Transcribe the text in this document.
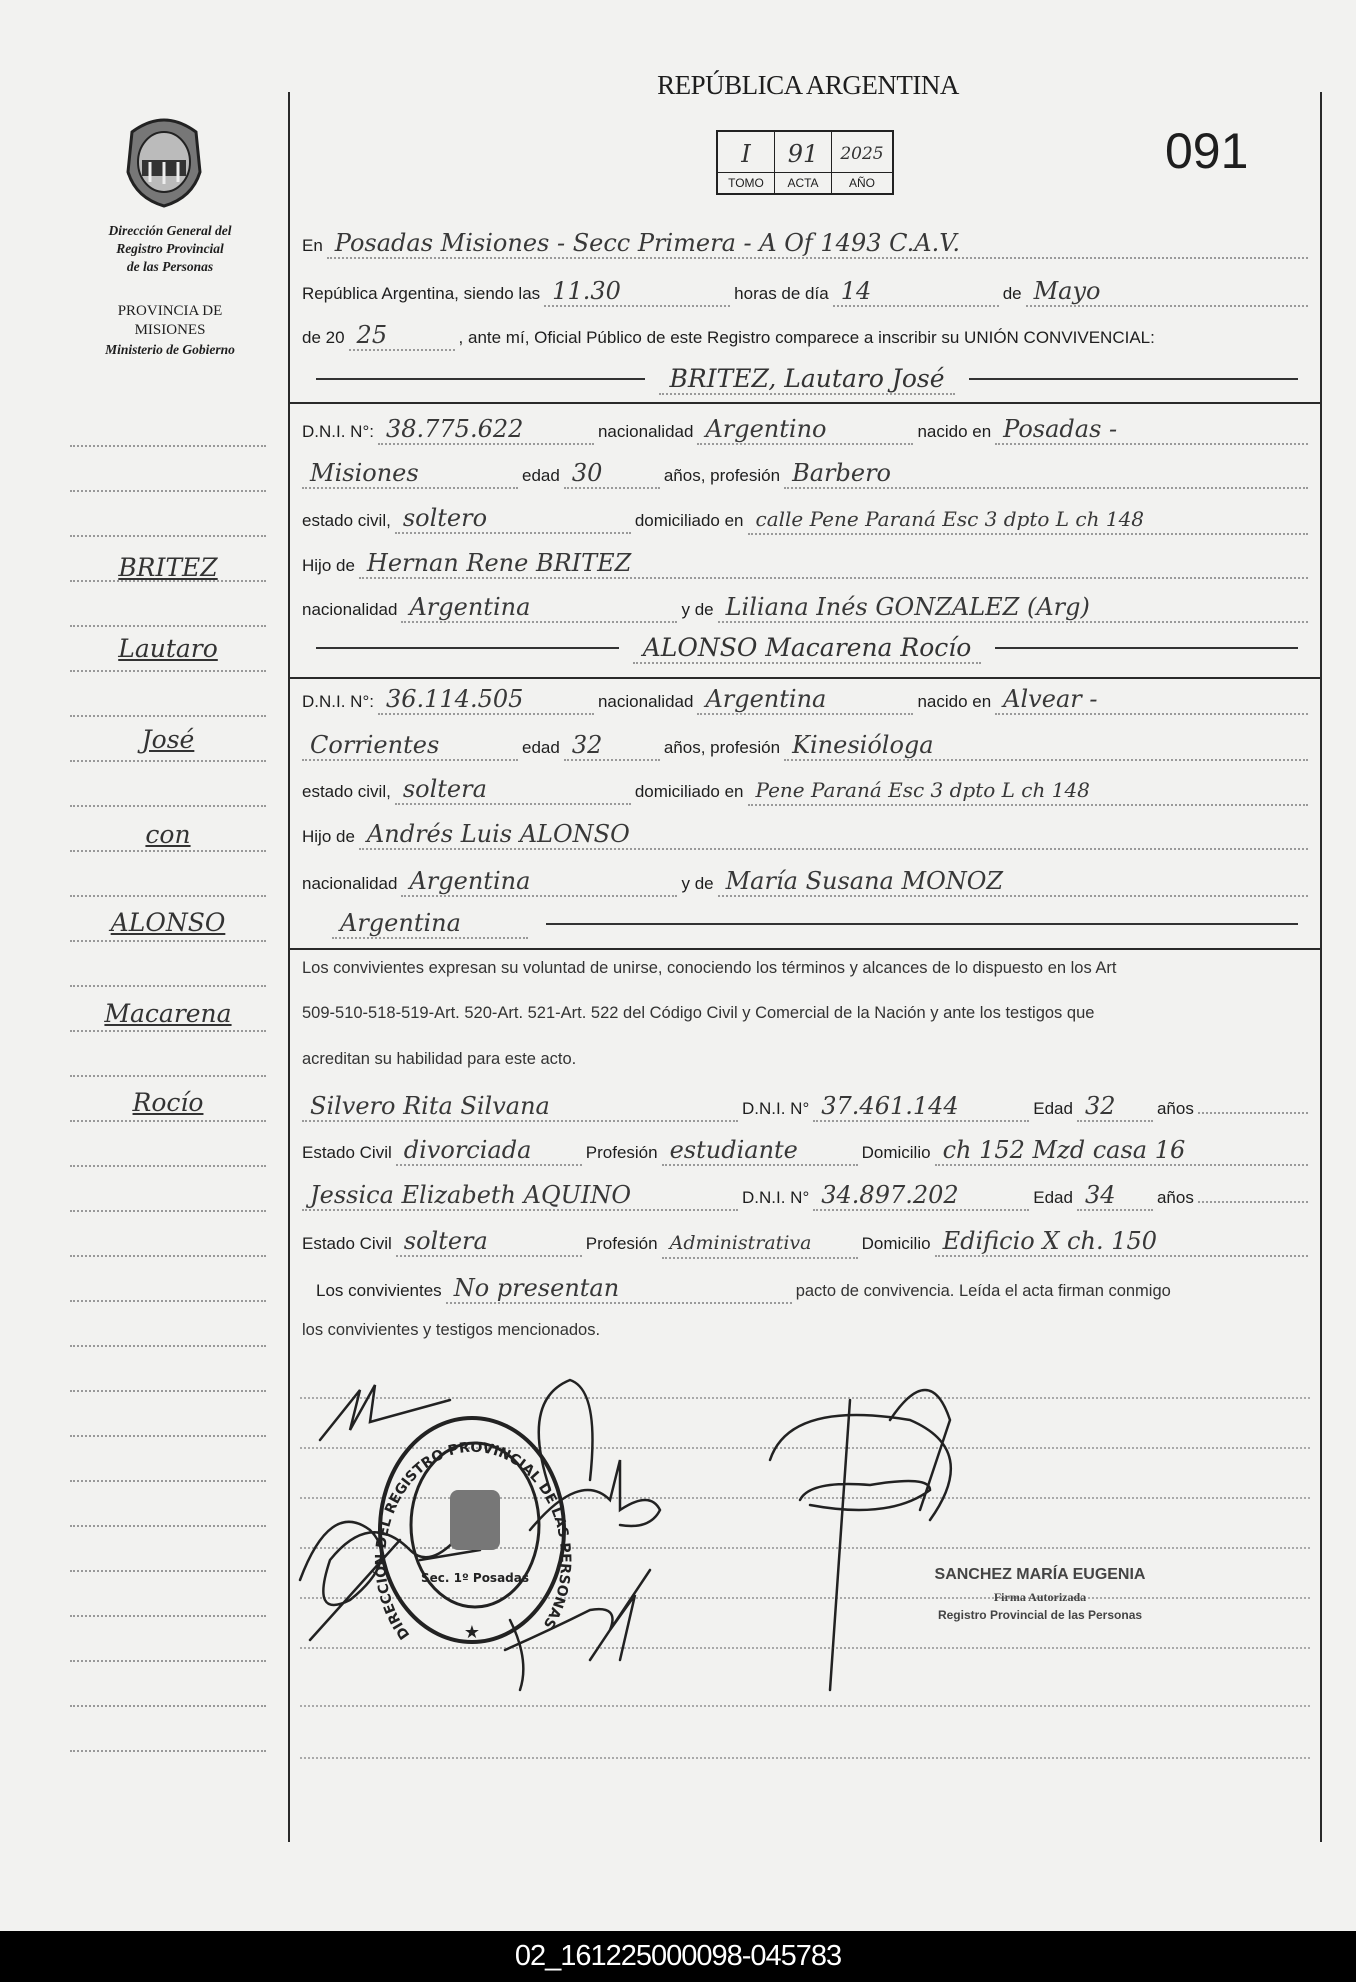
REPÚBLICA ARGENTINA
I
TOMO
91
ACTA
2025
AÑO
091
Dirección General del
Registro Provincial
de las Personas
PROVINCIA DE
MISIONES
Ministerio de Gobierno
BRITEZ
Lautaro
José
con
ALONSO
Macarena
Rocío
En Posadas Misiones - Secc Primera - A Of 1493 C.A.V.
República Argentina, siendo las 11.30	horas de día 14	de Mayo
de 20 25	, ante mí, Oficial Público de este Registro comparece a inscribir su UNIÓN CONVIVENCIAL:
BRITEZ, Lautaro José
D.N.I. N°: 38.775.622	nacionalidad Argentino	nacido en Posadas -
Misiones	edad 30	años, profesión Barbero
estado civil, soltero	domiciliado en calle Pene Paraná Esc 3 dpto L ch 148
Hijo de Hernan Rene BRITEZ
nacionalidad Argentina	y de Liliana Inés GONZALEZ (Arg)
ALONSO Macarena Rocío
D.N.I. N°: 36.114.505	nacionalidad Argentina	nacido en Alvear -
Corrientes	edad 32	años, profesión Kinesióloga
estado civil, soltera	domiciliado en Pene Paraná Esc 3 dpto L ch 148
Hijo de Andrés Luis ALONSO
nacionalidad Argentina	y de María Susana MONOZ
Argentina
Los convivientes expresan su voluntad de unirse, conociendo los términos y alcances de lo dispuesto en los Art
509-510-518-519-Art. 520-Art. 521-Art. 522 del Código Civil y Comercial de la Nación y ante los testigos que
acreditan su habilidad para este acto.
Silvero Rita Silvana	D.N.I. N° 37.461.144	Edad 32	años
Estado Civil divorciada	Profesión estudiante	Domicilio ch 152 Mzd casa 16
Jessica Elizabeth AQUINO	D.N.I. N° 34.897.202	Edad 34	años
Estado Civil soltera	Profesión Administrativa	Domicilio Edificio X ch. 150
Los convivientes No presentan	pacto de convivencia. Leída el acta firman conmigo
los convivientes y testigos mencionados.
DIRECCIÓN DEL REGISTRO PROVINCIAL DE LAS PERSONAS
Sec. 1º Posadas
★
SANCHEZ MARÍA EUGENIA
Firma Autorizada
Registro Provincial de las Personas
02_161225000098-045783
